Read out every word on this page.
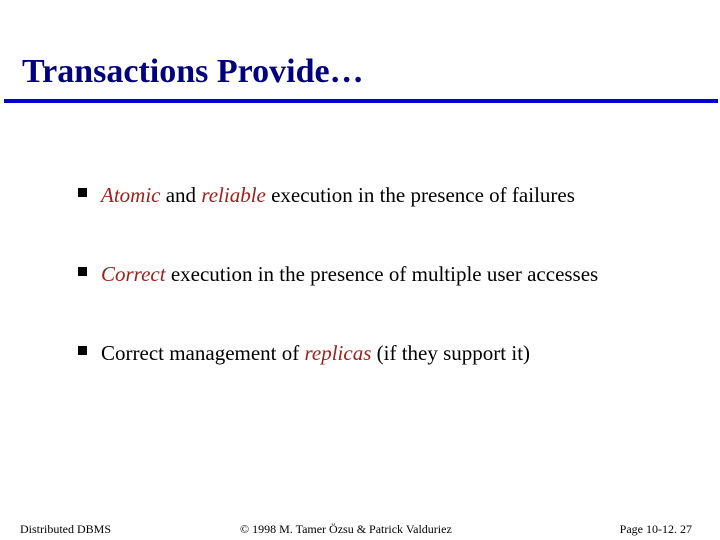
Transactions Provide…
Atomic and reliable execution in the presence of failures
Correct execution in the presence of multiple user accesses
Correct management of replicas (if they support it)
Distributed DBMS	© 1998 M. Tamer Özsu & Patrick Valduriez	Page 10-12. 27
